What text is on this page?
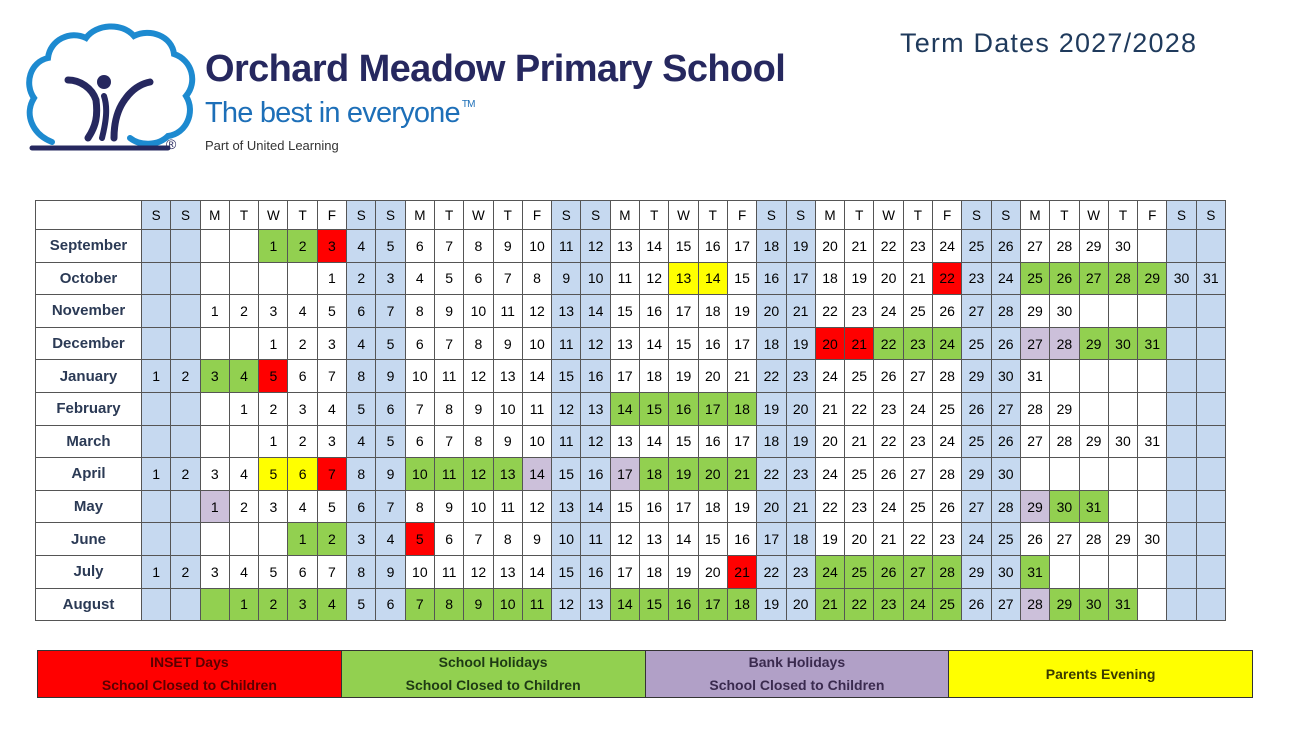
Orchard Meadow Primary School
The best in everyone ™
® Part of United Learning
Term Dates 2027/2028
	S	S	M	T	W	T	F	S	S	M	T	W	T	F	S	S	M	T	W	T	F	S	S	M	T	W	T	F	S	S	M	T	W	T	F	S	S
September					1	2	3	4	5	6	7	8	9	10	11	12	13	14	15	16	17	18	19	20	21	22	23	24	25	26	27	28	29	30			
October							1	2	3	4	5	6	7	8	9	10	11	12	13	14	15	16	17	18	19	20	21	22	23	24	25	26	27	28	29	30	31
November			1	2	3	4	5	6	7	8	9	10	11	12	13	14	15	16	17	18	19	20	21	22	23	24	25	26	27	28	29	30					
December					1	2	3	4	5	6	7	8	9	10	11	12	13	14	15	16	17	18	19	20	21	22	23	24	25	26	27	28	29	30	31		
January	1	2	3	4	5	6	7	8	9	10	11	12	13	14	15	16	17	18	19	20	21	22	23	24	25	26	27	28	29	30	31						
February				1	2	3	4	5	6	7	8	9	10	11	12	13	14	15	16	17	18	19	20	21	22	23	24	25	26	27	28	29					
March					1	2	3	4	5	6	7	8	9	10	11	12	13	14	15	16	17	18	19	20	21	22	23	24	25	26	27	28	29	30	31		
April	1	2	3	4	5	6	7	8	9	10	11	12	13	14	15	16	17	18	19	20	21	22	23	24	25	26	27	28	29	30							
May			1	2	3	4	5	6	7	8	9	10	11	12	13	14	15	16	17	18	19	20	21	22	23	24	25	26	27	28	29	30	31				
June						1	2	3	4	5	6	7	8	9	10	11	12	13	14	15	16	17	18	19	20	21	22	23	24	25	26	27	28	29	30		
July	1	2	3	4	5	6	7	8	9	10	11	12	13	14	15	16	17	18	19	20	21	22	23	24	25	26	27	28	29	30	31						
August				1	2	3	4	5	6	7	8	9	10	11	12	13	14	15	16	17	18	19	20	21	22	23	24	25	26	27	28	29	30	31			
INSET Days
School Closed to Children
School Holidays
School Closed to Children
Bank Holidays
School Closed to Children
Parents Evening
